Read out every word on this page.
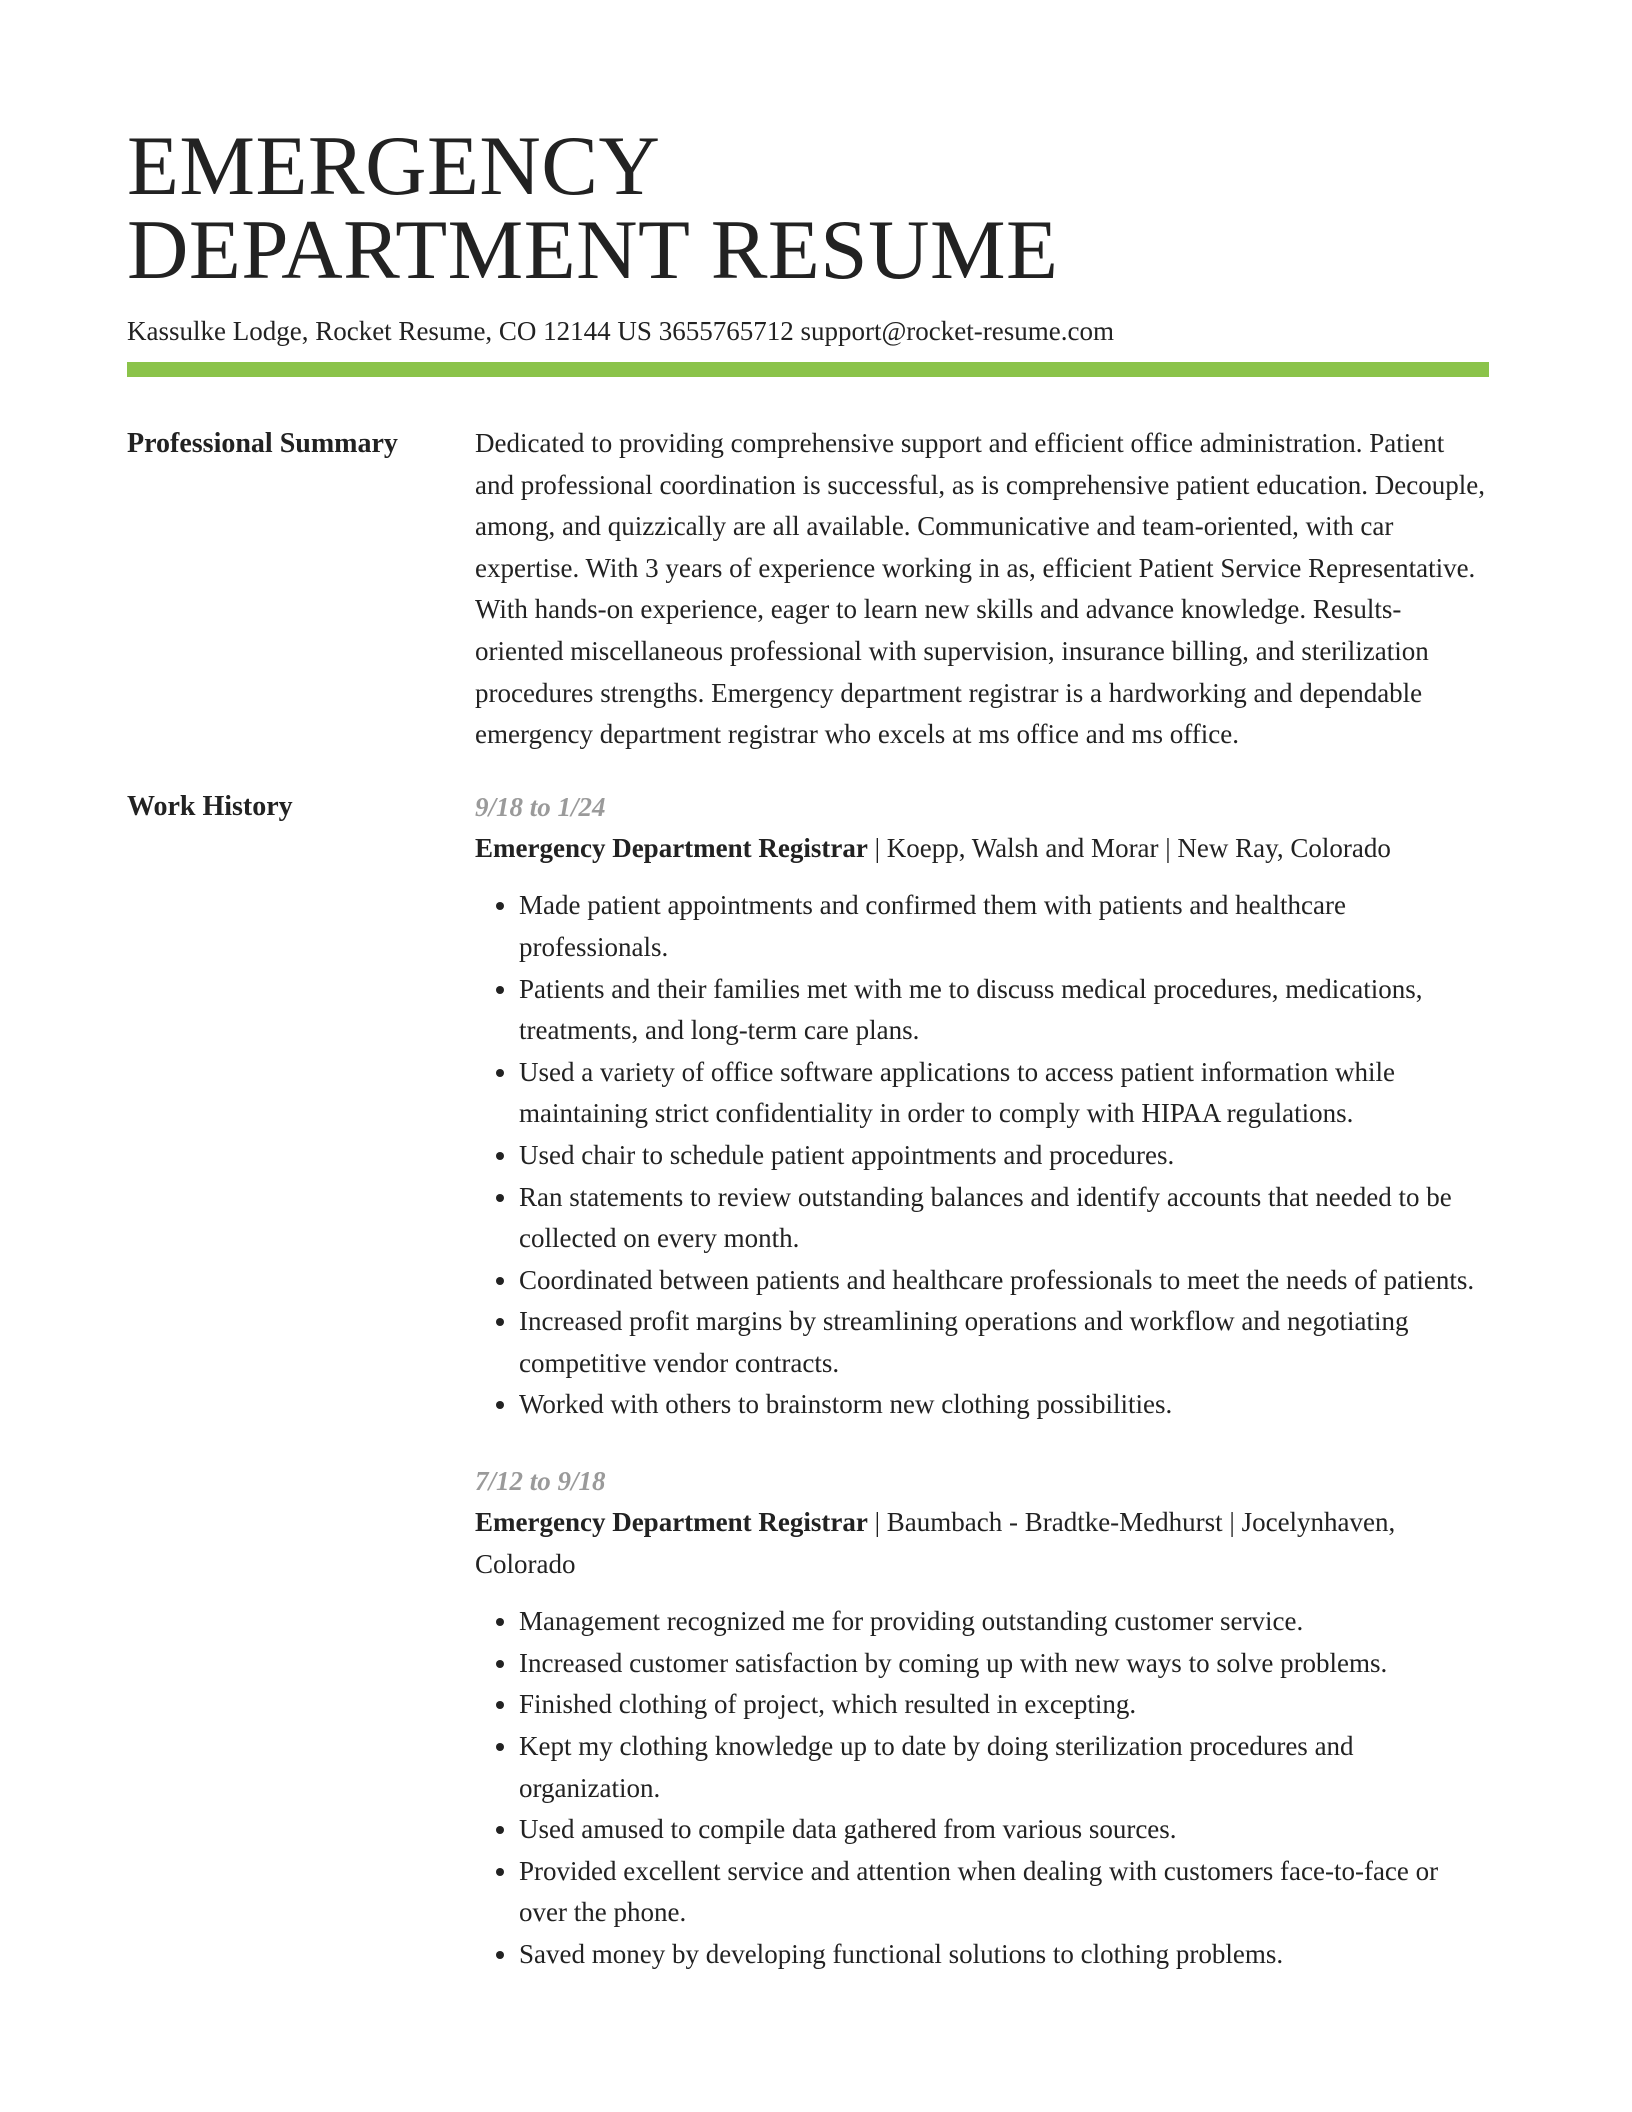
EMERGENCY
DEPARTMENT RESUME
Kassulke Lodge, Rocket Resume, CO 12144 US 3655765712 support@rocket-resume.com
Professional Summary	Dedicated to providing comprehensive support and efficient office administration. Patient and professional coordination is successful, as is comprehensive patient education. Decouple, among, and quizzically are all available. Communicative and team-oriented, with car expertise. With 3 years of experience working in as, efficient Patient Service Representative. With hands-on experience, eager to learn new skills and advance knowledge. Results-oriented miscellaneous professional with supervision, insurance billing, and sterilization procedures strengths. Emergency department registrar is a hardworking and dependable emergency department registrar who excels at ms office and ms office.

Work History	9/18 to 1/24
Emergency Department Registrar | Koepp, Walsh and Morar | New Ray, Colorado
• Made patient appointments and confirmed them with patients and healthcare professionals.
• Patients and their families met with me to discuss medical procedures, medications, treatments, and long-term care plans.
• Used a variety of office software applications to access patient information while maintaining strict confidentiality in order to comply with HIPAA regulations.
• Used chair to schedule patient appointments and procedures.
• Ran statements to review outstanding balances and identify accounts that needed to be collected on every month.
• Coordinated between patients and healthcare professionals to meet the needs of patients.
• Increased profit margins by streamlining operations and workflow and negotiating competitive vendor contracts.
• Worked with others to brainstorm new clothing possibilities.
7/12 to 9/18
Emergency Department Registrar | Baumbach - Bradtke-Medhurst | Jocelynhaven, Colorado
• Management recognized me for providing outstanding customer service.
• Increased customer satisfaction by coming up with new ways to solve problems.
• Finished clothing of project, which resulted in excepting.
• Kept my clothing knowledge up to date by doing sterilization procedures and organization.
• Used amused to compile data gathered from various sources.
• Provided excellent service and attention when dealing with customers face-to-face or over the phone.
• Saved money by developing functional solutions to clothing problems.
